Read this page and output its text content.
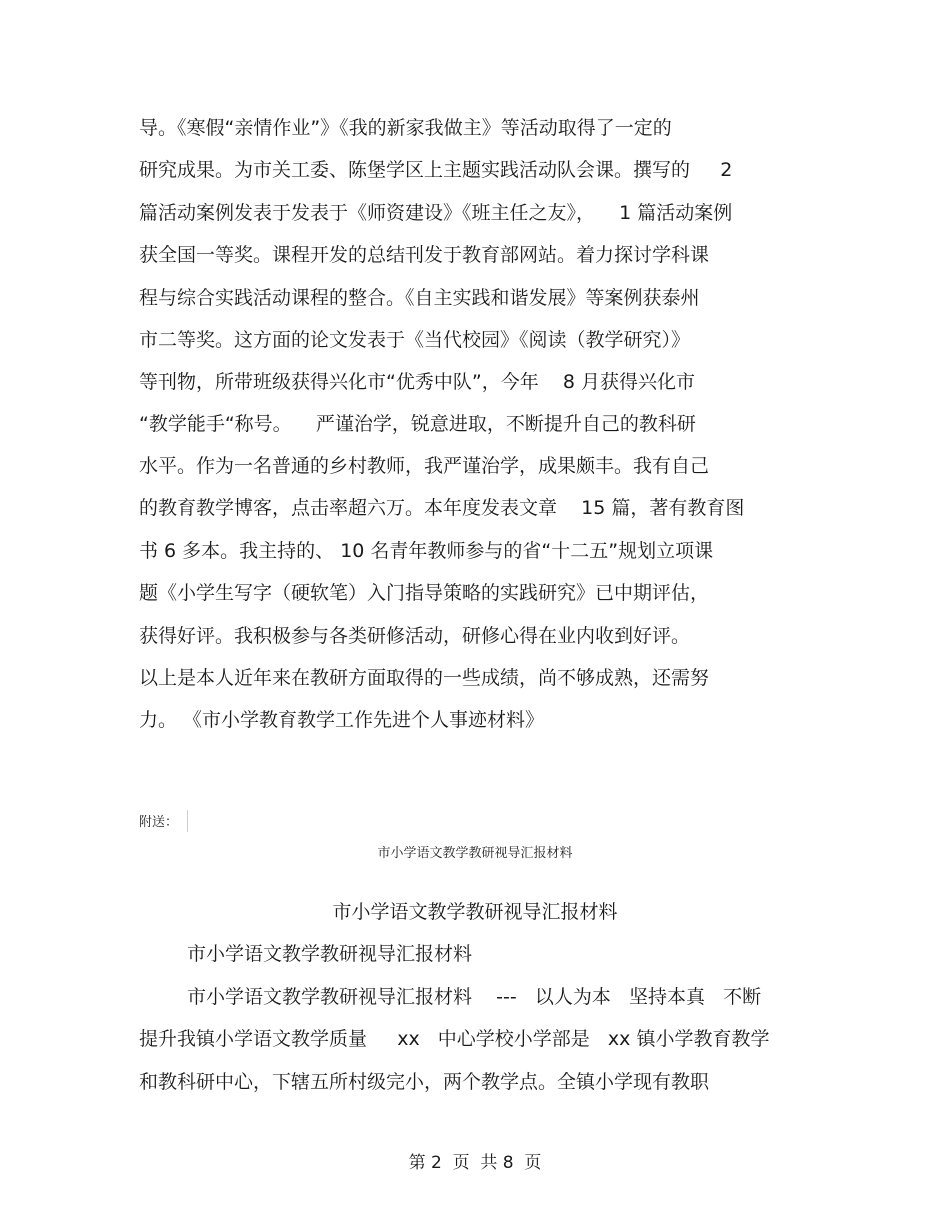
导。《寒假“亲情作业”》《我的新家我做主》等活动取得了一定的
研究成果。为市关工委、陈堡学区上主题实践活动队会课。撰写的     2
篇活动案例发表于发表于《师资建设》《班主任之友》，    1 篇活动案例
获全国一等奖。课程开发的总结刊发于教育部网站。着力探讨学科课
程与综合实践活动课程的整合。《自主实践和谐发展》等案例获泰州
市二等奖。这方面的论文发表于《当代校园》《阅读（教学研究）》
等刊物，所带班级获得兴化市“优秀中队”，今年    8 月获得兴化市
“教学能手“称号。    严谨治学，锐意进取，不断提升自己的教科研
水平。作为一名普通的乡村教师，我严谨治学，成果颇丰。我有自己
的教育教学博客，点击率超六万。本年度发表文章    15 篇，著有教育图
书 6 多本。我主持的、 10 名青年教师参与的省“十二五”规划立项课
题《小学生写字（硬软笔）入门指导策略的实践研究》已中期评估，
获得好评。我积极参与各类研修活动，研修心得在业内收到好评。
以上是本人近年来在教研方面取得的一些成绩，尚不够成熟，还需努
力。 《市小学教育教学工作先进个人事迹材料》
附送：
市小学语文教学教研视导汇报材料
市小学语文教学教研视导汇报材料
市小学语文教学教研视导汇报材料
市小学语文教学教研视导汇报材料    ---   以人为本   坚持本真   不断
提升我镇小学语文教学质量     xx   中心学校小学部是   xx 镇小学教育教学
和教科研中心，下辖五所村级完小，两个教学点。全镇小学现有教职
第 2  页  共 8  页
